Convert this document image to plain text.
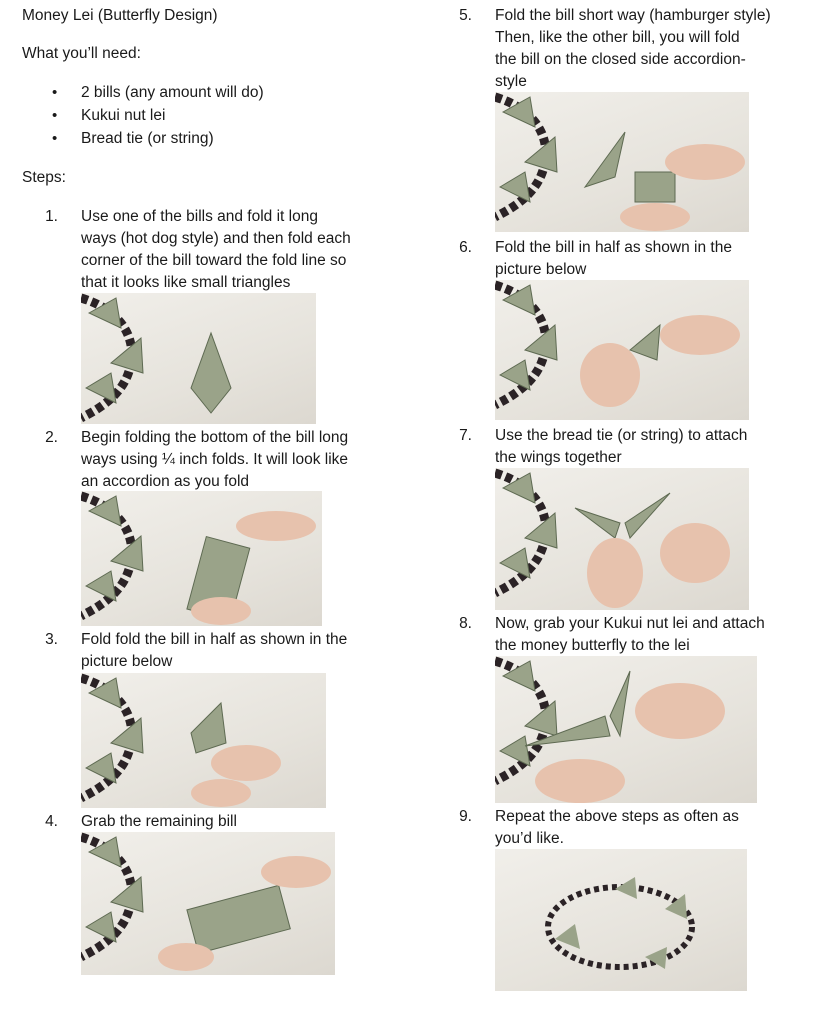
Money Lei (Butterfly Design)
What you’ll need:
• 2 bills (any amount will do)
• Kukui nut lei
• Bread tie (or string)
Steps:
1. Use one of the bills and fold it long
ways (hot dog style) and then fold each
corner of the bill toward the fold line so
that it looks like small triangles
2. Begin folding the bottom of the bill long
ways using ¼ inch folds. It will look like
an accordion as you fold
3. Fold fold the bill in half as shown in the
picture below
4. Grab the remaining bill
5. Fold the bill short way (hamburger style)
Then, like the other bill, you will fold
the bill on the closed side accordion-
style
6. Fold the bill in half as shown in the
picture below
7. Use the bread tie (or string) to attach
the wings together
8. Now, grab your Kukui nut lei and attach
the money butterfly to the lei
9. Repeat the above steps as often as
you’d like.
